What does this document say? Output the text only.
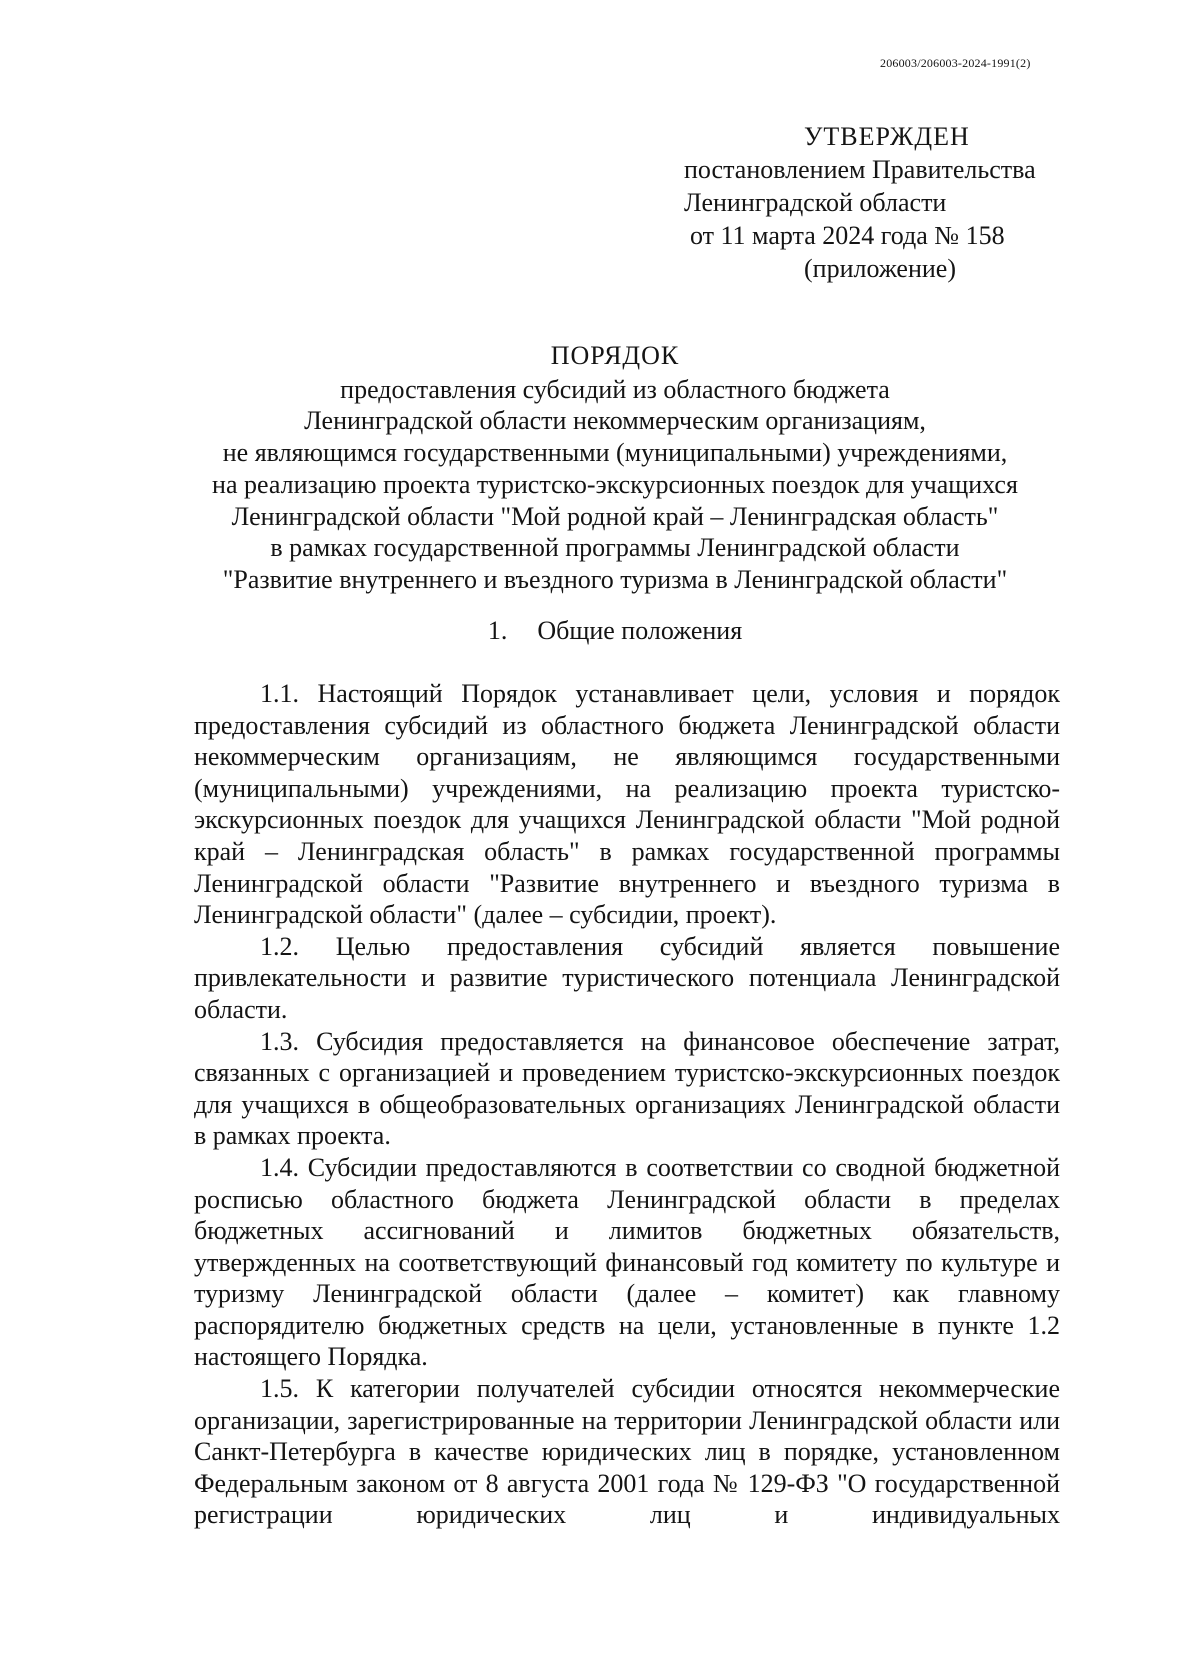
206003/206003-2024-1991(2)
УТВЕРЖДЕН
постановлением Правительства
Ленинградской области
от 11 марта 2024 года № 158
(приложение)
ПОРЯДОК
предоставления субсидий из областного бюджета
Ленинградской области некоммерческим организациям,
не являющимся государственными (муниципальными) учреждениями,
на реализацию проекта туристско-экскурсионных поездок для учащихся
Ленинградской области "Мой родной край – Ленинградская область"
в рамках государственной программы Ленинградской области
"Развитие внутреннего и въездного туризма в Ленинградской области"
1. Общие положения

1.1. Настоящий Порядок устанавливает цели, условия и порядок предоставления субсидий из областного бюджета Ленинградской области некоммерческим организациям, не являющимся государственными (муниципальными) учреждениями, на реализацию проекта туристско-экскурсионных поездок для учащихся Ленинградской области "Мой родной край – Ленинградская область" в рамках государственной программы Ленинградской области "Развитие внутреннего и въездного туризма в Ленинградской области" (далее – субсидии, проект).

1.2. Целью предоставления субсидий является повышение привлекательности и развитие туристического потенциала Ленинградской области.

1.3. Субсидия предоставляется на финансовое обеспечение затрат, связанных с организацией и проведением туристско-экскурсионных поездок для учащихся в общеобразовательных организациях Ленинградской области в рамках проекта.

1.4. Субсидии предоставляются в соответствии со сводной бюджетной росписью областного бюджета Ленинградской области в пределах бюджетных ассигнований и лимитов бюджетных обязательств, утвержденных на соответствующий финансовый год комитету по культуре и туризму Ленинградской области (далее – комитет) как главному распорядителю бюджетных средств на цели, установленные в пункте 1.2 настоящего Порядка.

1.5. К категории получателей субсидии относятся некоммерческие организации, зарегистрированные на территории Ленинградской области или Санкт-Петербурга в качестве юридических лиц в порядке, установленном Федеральным законом от 8 августа 2001 года № 129-ФЗ "О государственной регистрации юридических лиц и индивидуальных
